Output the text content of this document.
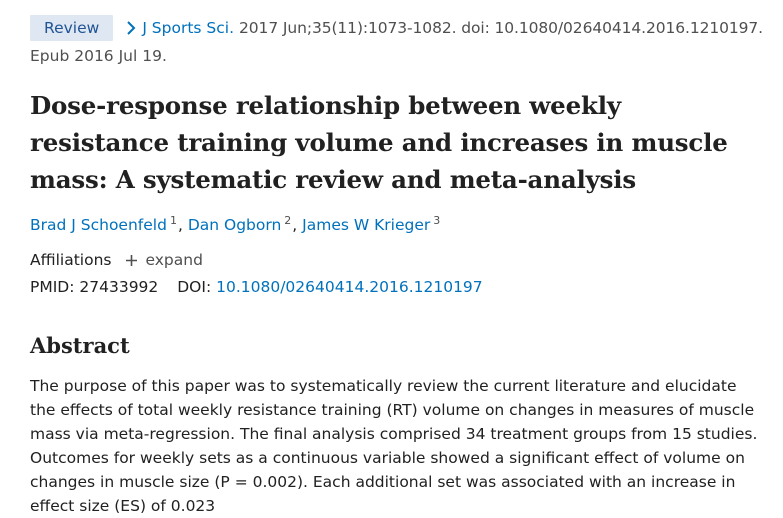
Review	J Sports Sci. 2017 Jun;35(11):1073-1082. doi: 10.1080/02640414.2016.1210197.
Epub 2016 Jul 19.
Dose-response relationship between weekly resistance training volume and increases in muscle mass: A systematic review and meta-analysis
Brad J Schoenfeld $^1$, Dan Ogborn $^2$, James W Krieger $^3$
Affiliations expand
PMID: 27433992 DOI: 10.1080/02640414.2016.1210197
Abstract

The purpose of this paper was to systematically review the current literature and elucidate the effects of total weekly resistance training (RT) volume on changes in measures of muscle mass via meta-regression. The final analysis comprised 34 treatment groups from 15 studies. Outcomes for weekly sets as a continuous variable showed a significant effect of volume on changes in muscle size (P = 0.002). Each additional set was associated with an increase in effect size (ES) of 0.023
